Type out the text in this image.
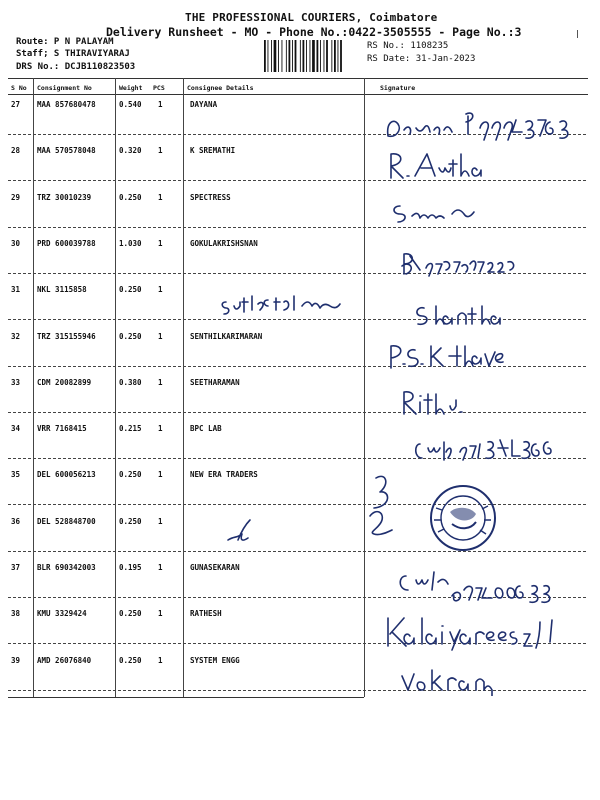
THE PROFESSIONAL COURIERS, Coimbatore
Delivery Runsheet - MO - Phone No.:0422-3505555 - Page No.:3
Route: P N PALAYAM
Staff; S THIRAVIYARAJ
DRS No.: DCJB110823503
RS No.: 1108235
RS Date: 31-Jan-2023
S No Consignment No	Weight PCS	Consignee Details	Signature
27 MAA 857680478	0.540 1	DAYANA
28 MAA 570578048	0.320 1	K SREMATHI
29 TRZ 30010239	0.250 1	SPECTRESS
30 PRD 600039788	1.030 1	GOKULAKRISHSNAN
31 NKL 3115858	0.250 1
32 TRZ 315155946	0.250 1	SENTHILKARIMARAN
33 CDM 20082899	0.380 1	SEETHARAMAN
34 VRR 7168415	0.215 1	BPC LAB
35 DEL 600056213	0.250 1	NEW ERA TRADERS
36 DEL 528848700	0.250 1
37 BLR 690342003	0.195 1	GUNASEKARAN
38 KMU 3329424	0.250 1	RATHESH
39 AMD 26076840	0.250 1	SYSTEM ENGG
